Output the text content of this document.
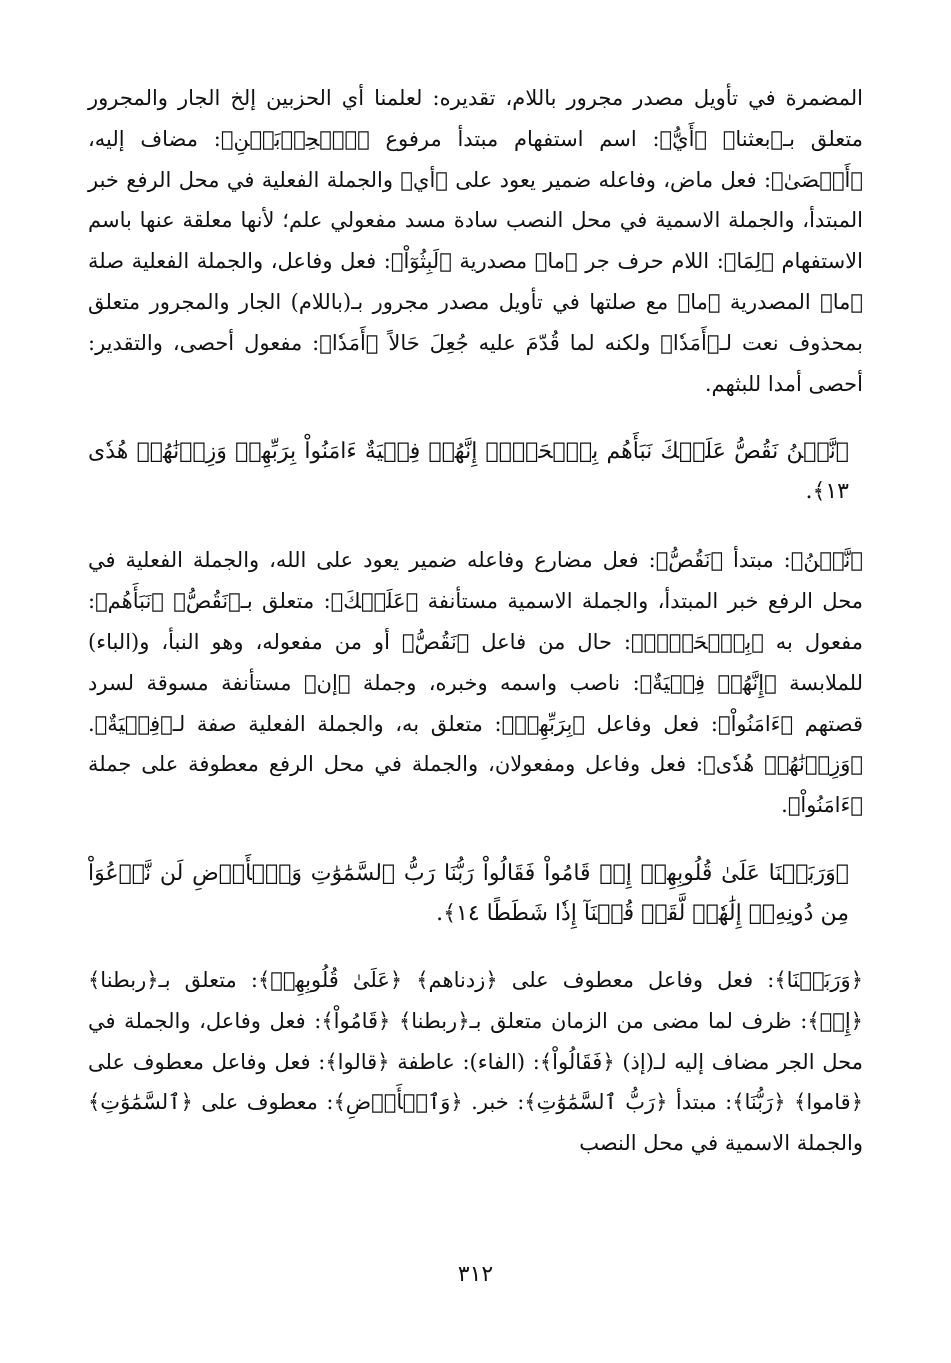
المضمرة في تأويل مصدر مجرور باللام، تقديره: لعلمنا أي الحزبين إلخ الجار والمجرور متعلق بـ﴿بعثنا﴾ ﴿أَيُّ﴾: اسم استفهام مبتدأ مرفوع ﴿ٱلۡحِزۡبَيۡنِ﴾: مضاف إليه، ﴿أَحۡصَىٰ﴾: فعل ماض، وفاعله ضمير يعود على ﴿أي﴾ والجملة الفعلية في محل الرفع خبر المبتدأ، والجملة الاسمية في محل النصب سادة مسد مفعولي علم؛ لأنها معلقة عنها باسم الاستفهام ﴿لِمَا﴾: اللام حرف جر ﴿ما﴾ مصدرية ﴿لَبِثُوٓاْ﴾: فعل وفاعل، والجملة الفعلية صلة ﴿ما﴾ المصدرية ﴿ما﴾ مع صلتها في تأويل مصدر مجرور بـ(باللام) الجار والمجرور متعلق بمحذوف نعت لـ﴿أَمَدٗا﴾ ولكنه لما قُدّمَ عليه جُعِلَ حَالاً ﴿أَمَدٗا﴾: مفعول أحصى، والتقدير: أحصى أمدا للبثهم.

﴿نَّحۡنُ نَقُصُّ عَلَيۡكَ نَبَأَهُم بِٱلۡحَقِّۚ إِنَّهُمۡ فِتۡيَةٌ ءَامَنُواْ بِرَبِّهِمۡ وَزِدۡنَٰهُمۡ هُدٗى ١٣﴾.

﴿نَّحۡنُ﴾: مبتدأ ﴿نَقُصُّ﴾: فعل مضارع وفاعله ضمير يعود على الله، والجملة الفعلية في محل الرفع خبر المبتدأ، والجملة الاسمية مستأنفة ﴿عَلَيۡكَ﴾: متعلق بـ﴿نَقُصُّ﴾ ﴿نَبَأَهُم﴾: مفعول به ﴿بِٱلۡحَقِّۚ﴾: حال من فاعل ﴿نَقُصُّ﴾ أو من مفعوله، وهو النبأ، و(الباء) للملابسة ﴿إِنَّهُمۡ فِتۡيَةٌ﴾: ناصب واسمه وخبره، وجملة ﴿إن﴾ مستأنفة مسوقة لسرد قصتهم ﴿ءَامَنُواْ﴾: فعل وفاعل ﴿بِرَبِّهِمۡ﴾: متعلق به، والجملة الفعلية صفة لـ﴿فِتۡيَةٌ﴾. ﴿وَزِدۡنَٰهُمۡ هُدٗى﴾: فعل وفاعل ومفعولان، والجملة في محل الرفع معطوفة على جملة ﴿ءَامَنُواْ﴾.

﴿وَرَبَطۡنَا عَلَىٰ قُلُوبِهِمۡ إِذۡ قَامُواْ فَقَالُواْ رَبُّنَا رَبُّ ٱلسَّمَٰوَٰتِ وَٱلۡأَرۡضِ لَن نَّدۡعُوَاْ مِن دُونِهِۦٓ إِلَٰهٗاۖ لَّقَدۡ قُلۡنَآ إِذٗا شَطَطًا ١٤﴾.

﴿وَرَبَطۡنَا﴾: فعل وفاعل معطوف على ﴿زدناهم﴾ ﴿عَلَىٰ قُلُوبِهِمۡ﴾: متعلق بـ﴿ربطنا﴾ ﴿إِذۡ﴾: ظرف لما مضى من الزمان متعلق بـ﴿ربطنا﴾ ﴿قَامُواْ﴾: فعل وفاعل، والجملة في محل الجر مضاف إليه لـ(إذ) ﴿فَقَالُواْ﴾: (الفاء): عاطفة ﴿قالوا﴾: فعل وفاعل معطوف على ﴿قاموا﴾ ﴿رَبُّنَا﴾: مبتدأ ﴿رَبُّ ٱلسَّمَٰوَٰتِ﴾: خبر. ﴿وَٱلۡأَرۡضِ﴾: معطوف على ﴿ٱلسَّمَٰوَٰتِ﴾ والجملة الاسمية في محل النصب

٣١٢
